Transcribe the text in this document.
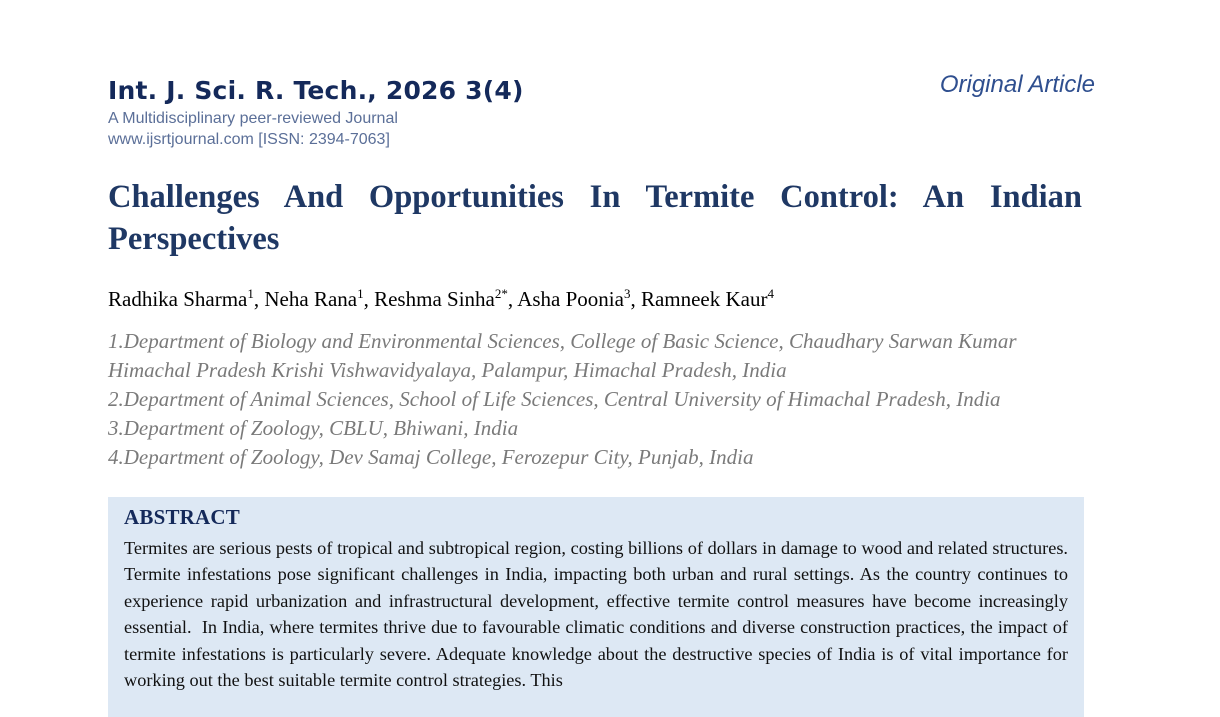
Int. J. Sci. R. Tech., 2026 3(4)
A Multidisciplinary peer-reviewed Journal
www.ijsrtjournal.com [ISSN: 2394-7063]
Original Article
Challenges And Opportunities In Termite Control: An Indian Perspectives
Radhika Sharma$^1$, Neha Rana$^1$, Reshma Sinha$^{2*}$, Asha Poonia$^3$, Ramneek Kaur$^4$
1.Department of Biology and Environmental Sciences, College of Basic Science, Chaudhary Sarwan Kumar
Himachal Pradesh Krishi Vishwavidyalaya, Palampur, Himachal Pradesh, India
2.Department of Animal Sciences, School of Life Sciences, Central University of Himachal Pradesh, India
3.Department of Zoology, CBLU, Bhiwani, India
4.Department of Zoology, Dev Samaj College, Ferozepur City, Punjab, India
ABSTRACT

Termites are serious pests of tropical and subtropical region, costing billions of dollars in damage to wood and related structures. Termite infestations pose significant challenges in India, impacting both urban and rural settings. As the country continues to experience rapid urbanization and infrastructural development, effective termite control measures have become increasingly essential.  In India, where termites thrive due to favourable climatic conditions and diverse construction practices, the impact of termite infestations is particularly severe. Adequate knowledge about the destructive species of India is of vital importance for working out the best suitable termite control strategies. This
